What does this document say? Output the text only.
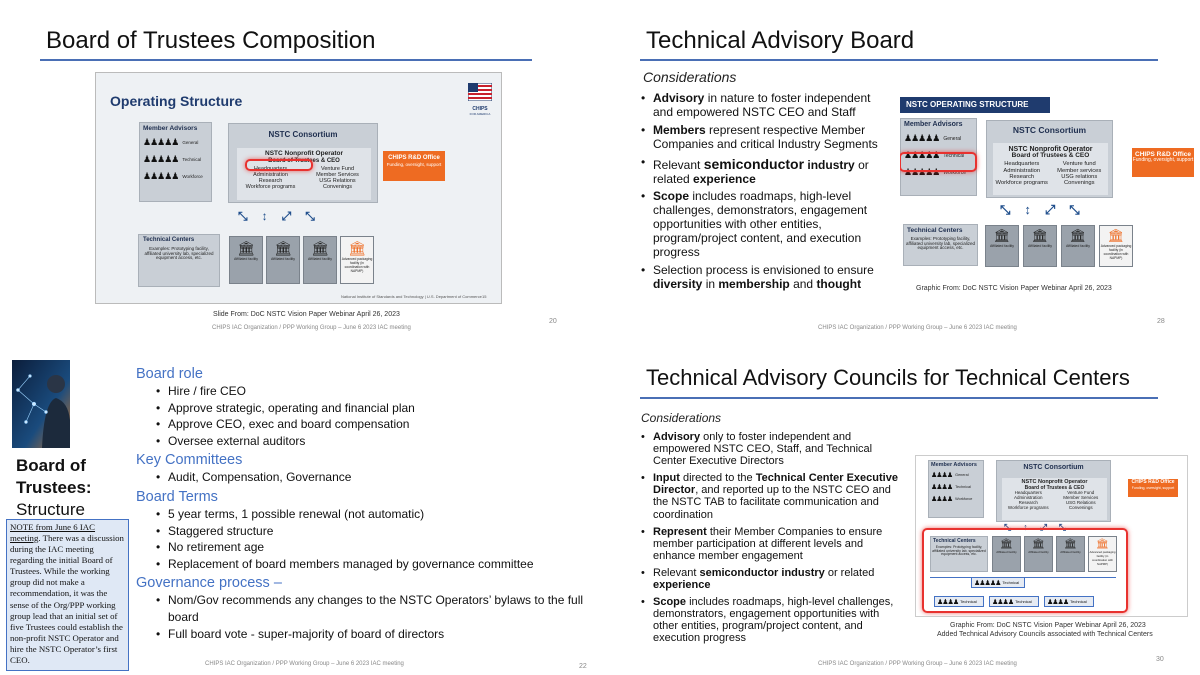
Board of Trustees Composition
Operating Structure	CHIPS
FOR AMERICA
Member Advisors
♟♟♟♟♟ General
♟♟♟♟♟ Technical
♟♟♟♟♟ Workforce
NSTC Consortium
NSTC Nonprofit Operator
Board of Trustees & CEO
Headquarters	Venture Fund
Administration	Member Services
Research	USG Relations
Workforce programs	Convenings
CHIPS R&D Office
Funding, oversight, support
⤡↕⤢⤡
Technical Centers
Examples: Prototyping facility, affiliated university lab, specialized equipment access, etc.
🏛
Affiliated facility
🏛
Affiliated facility
🏛
Affiliated facility
🏛
Advanced packaging facility (in coordination with NAPMP)
National Institute of Standards and Technology | U.S. Department of Commerce 15
Slide From: DoC NSTC Vision Paper Webinar April 26, 2023
CHIPS IAC Organization / PPP Working Group – June 6 2023 IAC meeting
20
Technical Advisory Board
Considerations
• Advisory in nature to foster independent and empowered NSTC CEO and Staff
• Members represent respective Member Companies and critical Industry Segments
• Relevant semiconductor industry or related experience
• Scope includes roadmaps, high-level challenges, demonstrators, engagement opportunities with other entities, program/project content, and execution progress
• Selection process is envisioned to ensure diversity in membership and thought
NSTC OPERATING STRUCTURE
Member Advisors
♟♟♟♟♟ General
♟♟♟♟♟ Technical
♟♟♟♟♟ Workforce
NSTC Consortium
NSTC Nonprofit Operator
Board of Trustees & CEO
Headquarters	Venture fund
Administration	Member services
Research	USG relations
Workforce programs	Convenings
CHIPS R&D Office
Funding, oversight, support
⤡↕⤢⤡
Technical Centers
Examples: Prototyping facility, affiliated university lab, specialized equipment access, etc.
🏛
Affiliated facility
🏛
Affiliated facility
🏛
Affiliated facility
🏛
Advanced packaging facility (in coordination with NAPMP)
Graphic From: DoC NSTC Vision Paper Webinar April 26, 2023
CHIPS IAC Organization / PPP Working Group – June 6 2023 IAC meeting
28
Board of
Trustees:
Structure
NOTE from June 6 IAC meeting. There was a discussion during the IAC meeting regarding the initial Board of Trustees. While the working group did not make a recommendation, it was the sense of the Org/PPP working group lead that an initial set of five Trustees could establish the non-profit NSTC Operator and hire the NSTC Operator’s first CEO.
Board role
• Hire / fire CEO
• Approve strategic, operating and financial plan
• Approve CEO, exec and board compensation
• Oversee external auditors
Key Committees
• Audit, Compensation, Governance
Board Terms
• 5 year terms, 1 possible renewal (not automatic)
• Staggered structure
• No retirement age
• Replacement of board members managed by governance committee
Governance process –
• Nom/Gov recommends any changes to the NSTC Operators’ bylaws to the full board
• Full board vote - super-majority of board of directors
CHIPS IAC Organization / PPP Working Group – June 6 2023 IAC meeting	22
Technical Advisory Councils for Technical Centers
Considerations
• Advisory only to foster independent and empowered NSTC CEO, Staff, and Technical Center Executive Directors
• Input directed to the Technical Center Executive Director, and reported up to the NSTC CEO and the NSTC TAB to facilitate communication and coordination
• Represent their Member Companies to ensure member participation at different levels and enhance member engagement
• Relevant semiconductor industry or related experience
• Scope includes roadmaps, high-level challenges, demonstrators, engagement opportunities with other entities, program/project content, and execution progress
Member Advisors
♟♟♟♟ General
♟♟♟♟ Technical
♟♟♟♟ Workforce
NSTC Consortium
NSTC Nonprofit Operator
Board of Trustees & CEO
Headquarters	Venture Fund
Administration	Member Services
Research	USG Relations
Workforce programs	Convenings
CHIPS R&D Office
Funding, oversight, support
⤡↕⤢⤡
Technical Centers
Examples: Prototyping facility, affiliated university lab, specialized equipment access, etc.
🏛
Affiliated facility
🏛
Affiliated facility
🏛
Affiliated facility
🏛
Advanced packaging facility (in coordination with NAPMP)
♟♟♟♟♟ Technical
♟♟♟♟ Technical ♟♟♟♟ Technical ♟♟♟♟ Technical
Graphic From: DoC NSTC Vision Paper Webinar April 26, 2023
Added Technical Advisory Councils associated with Technical Centers
CHIPS IAC Organization / PPP Working Group – June 6 2023 IAC meeting
30
